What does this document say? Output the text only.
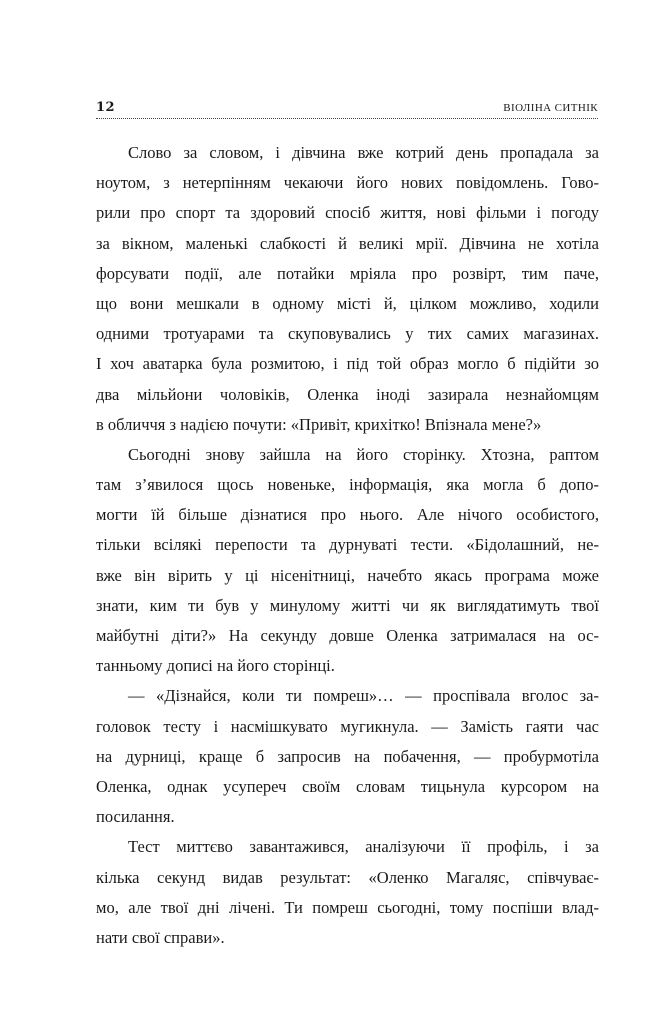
12	ВІОЛІНА СИТНІК
Слово за словом, і дівчина вже котрий день пропадала за
ноутом, з нетерпінням чекаючи його нових повідомлень. Гово-
рили про спорт та здоровий спосіб життя, нові фільми і погоду
за вікном, маленькі слабкості й великі мрії. Дівчина не хотіла
форсувати події, але потайки мріяла про розвірт, тим паче,
що вони мешкали в одному місті й, цілком можливо, ходили
одними тротуарами та скуповувались у тих самих магазинах.
І хоч аватарка була розмитою, і під той образ могло б підійти зо
два мільйони чоловіків, Оленка іноді зазирала незнайомцям
в обличчя з надією почути: «Привіт, крихітко! Впізнала мене?»
Сьогодні знову зайшла на його сторінку. Хтозна, раптом
там з’явилося щось новеньке, інформація, яка могла б допо-
могти їй більше дізнатися про нього. Але нічого особистого,
тільки всілякі перепости та дурнуваті тести. «Бідолашний, не-
вже він вірить у ці нісенітниці, начебто якась програма може
знати, ким ти був у минулому житті чи як виглядатимуть твої
майбутні діти?» На секунду довше Оленка затрималася на ос-
танньому дописі на його сторінці.
— «Дізнайся, коли ти помреш»… — проспівала вголос за-
головок тесту і насмішкувато мугикнула. — Замість гаяти час
на дурниці, краще б запросив на побачення, — пробурмотіла
Оленка, однак усупереч своїм словам тицьнула курсором на
посилання.
Тест миттєво завантажився, аналізуючи її профіль, і за
кілька секунд видав результат: «Оленко Магаляс, співчуває-
мо, але твої дні лічені. Ти помреш сьогодні, тому поспіши влад-
нати свої справи».
